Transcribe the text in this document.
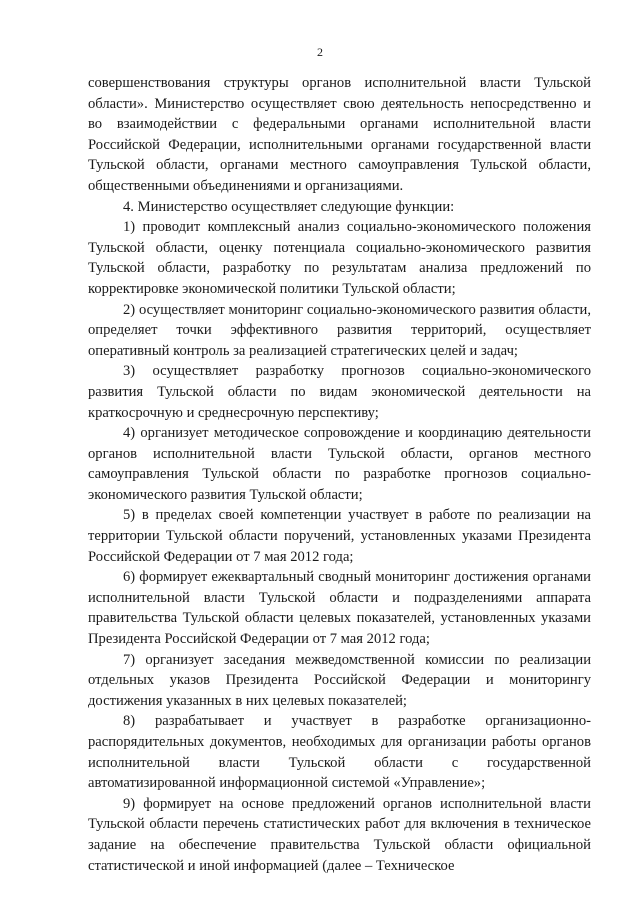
2

совершенствования структуры органов исполнительной власти Тульской области». Министерство осуществляет свою деятельность непосредственно и во взаимодействии с федеральными органами исполнительной власти Российской Федерации, исполнительными органами государственной власти Тульской области, органами местного самоуправления Тульской области, общественными объединениями и организациями.

4. Министерство осуществляет следующие функции:

1) проводит комплексный анализ социально-экономического положения Тульской области, оценку потенциала социально-экономического развития Тульской области, разработку по результатам анализа предложений по корректировке экономической политики Тульской области;

2) осуществляет мониторинг социально-экономического развития области, определяет точки эффективного развития территорий, осуществляет оперативный контроль за реализацией стратегических целей и задач;

3) осуществляет разработку прогнозов социально-экономического развития Тульской области по видам экономической деятельности на краткосрочную и среднесрочную перспективу;

4) организует методическое сопровождение и координацию деятельности органов исполнительной власти Тульской области, органов местного самоуправления Тульской области по разработке прогнозов социально-экономического развития Тульской области;

5) в пределах своей компетенции участвует в работе по реализации на территории Тульской области поручений, установленных указами Президента Российской Федерации от 7 мая 2012 года;

6) формирует ежеквартальный сводный мониторинг достижения органами исполнительной власти Тульской области и подразделениями аппарата правительства Тульской области целевых показателей, установленных указами Президента Российской Федерации от 7 мая 2012 года;

7) организует заседания межведомственной комиссии по реализации отдельных указов Президента Российской Федерации и мониторингу достижения указанных в них целевых показателей;

8) разрабатывает и участвует в разработке организационно-распорядительных документов, необходимых для организации работы органов исполнительной власти Тульской области с государственной автоматизированной информационной системой «Управление»;

9) формирует на основе предложений органов исполнительной власти Тульской области перечень статистических работ для включения в техническое задание на обеспечение правительства Тульской области официальной статистической и иной информацией (далее – Техническое
